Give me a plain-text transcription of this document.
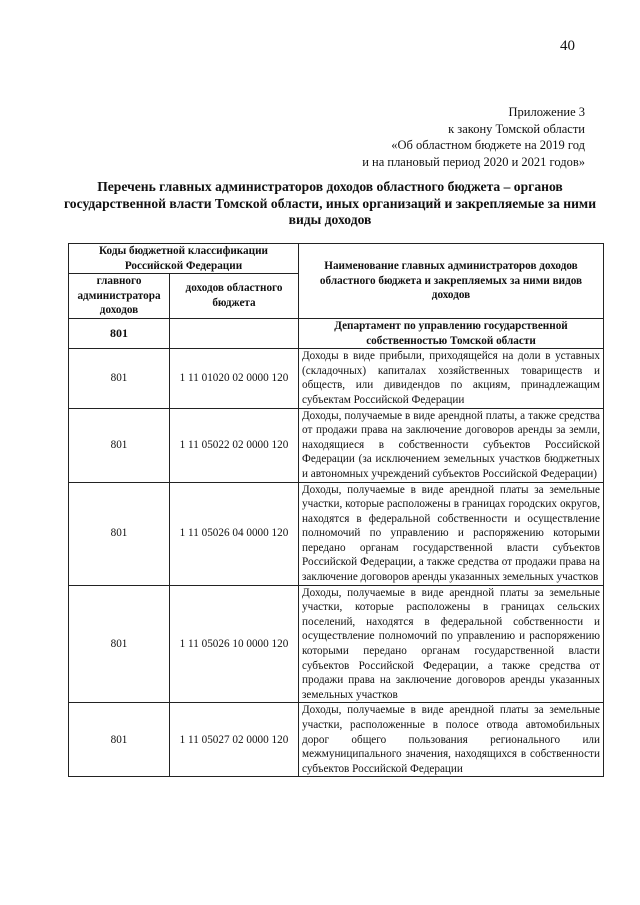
40
Приложение 3
к закону Томской области
«Об областном бюджете на 2019 год
и на плановый период 2020 и 2021 годов»
Перечень главных администраторов доходов областного бюджета – органов государственной власти Томской области, иных организаций и закрепляемые за ними виды доходов
Коды бюджетной классификации Российской Федерации		Наименование главных администраторов доходов областного бюджета и закрепляемых за ними видов доходов
главного администратора доходов	доходов областного бюджета	
801		Департамент по управлению государственной собственностью Томской области
801	1 11 01020 02 0000 120	Доходы в виде прибыли, приходящейся на доли в уставных (складочных) капиталах хозяйственных товариществ и обществ, или дивидендов по акциям, принадлежащим субъектам Российской Федерации
801	1 11 05022 02 0000 120	Доходы, получаемые в виде арендной платы, а также средства от продажи права на заключение договоров аренды за земли, находящиеся в собственности субъектов Российской Федерации (за исключением земельных участков бюджетных и автономных учреждений субъектов Российской Федерации)
801	1 11 05026 04 0000 120	Доходы, получаемые в виде арендной платы за земельные участки, которые расположены в границах городских округов, находятся в федеральной собственности и осуществление полномочий по управлению и распоряжению которыми передано органам государственной власти субъектов Российской Федерации, а также средства от продажи права на заключение договоров аренды указанных земельных участков
801	1 11 05026 10 0000 120	Доходы, получаемые в виде арендной платы за земельные участки, которые расположены в границах сельских поселений, находятся в федеральной собственности и осуществление полномочий по управлению и распоряжению которыми передано органам государственной власти субъектов Российской Федерации, а также средства от продажи права на заключение договоров аренды указанных земельных участков
801	1 11 05027 02 0000 120	Доходы, получаемые в виде арендной платы за земельные участки, расположенные в полосе отвода автомобильных дорог общего пользования регионального или межмуниципального значения, находящихся в собственности субъектов Российской Федерации
